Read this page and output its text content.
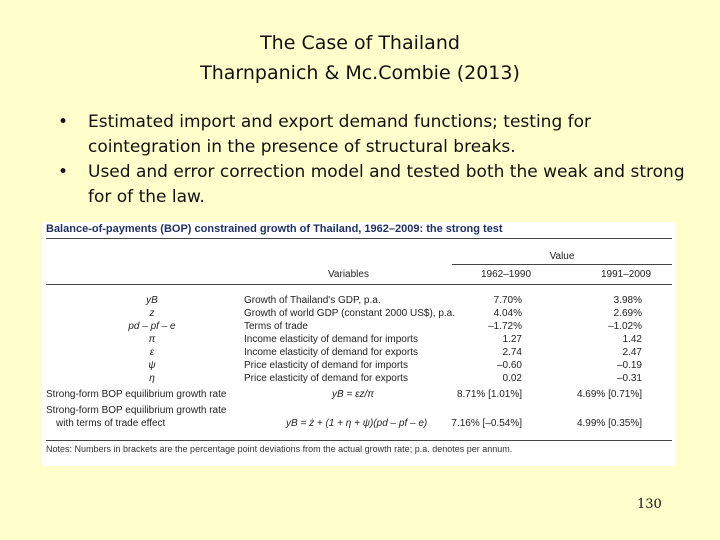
The Case of Thailand
Tharnpanich & Mc.Combie (2013)
• Estimated import and export demand functions; testing for cointegration in the presence of structural breaks.
• Used and error correction model and tested both the weak and strong for of the law.
Balance-of-payments (BOP) constrained growth of Thailand, 1962–2009: the strong test
Value
Variables	1962–1990	1991–2009
yB	Growth of Thailand's GDP, p.a.	7.70%	3.98%
z	Growth of world GDP (constant 2000 US$), p.a.	4.04%	2.69%
pd – pf – e	Terms of trade	–1.72%	–1.02%
π	Income elasticity of demand for imports	1.27	1.42
ε	Income elasticity of demand for exports	2.74	2.47
ψ	Price elasticity of demand for imports	–0.60	–0.19
η	Price elasticity of demand for exports	0.02	–0.31
Strong-form BOP equilibrium growth rate	yB = εz/π	8.71% [1.01%]	4.69% [0.71%]
Strong-form BOP equilibrium growth rate
with terms of trade effect	yB = ż + (1 + η + ψ)(pd – pf – e)	7.16% [–0.54%]	4.99% [0.35%]
Notes: Numbers in brackets are the percentage point deviations from the actual growth rate; p.a. denotes per annum.
130
